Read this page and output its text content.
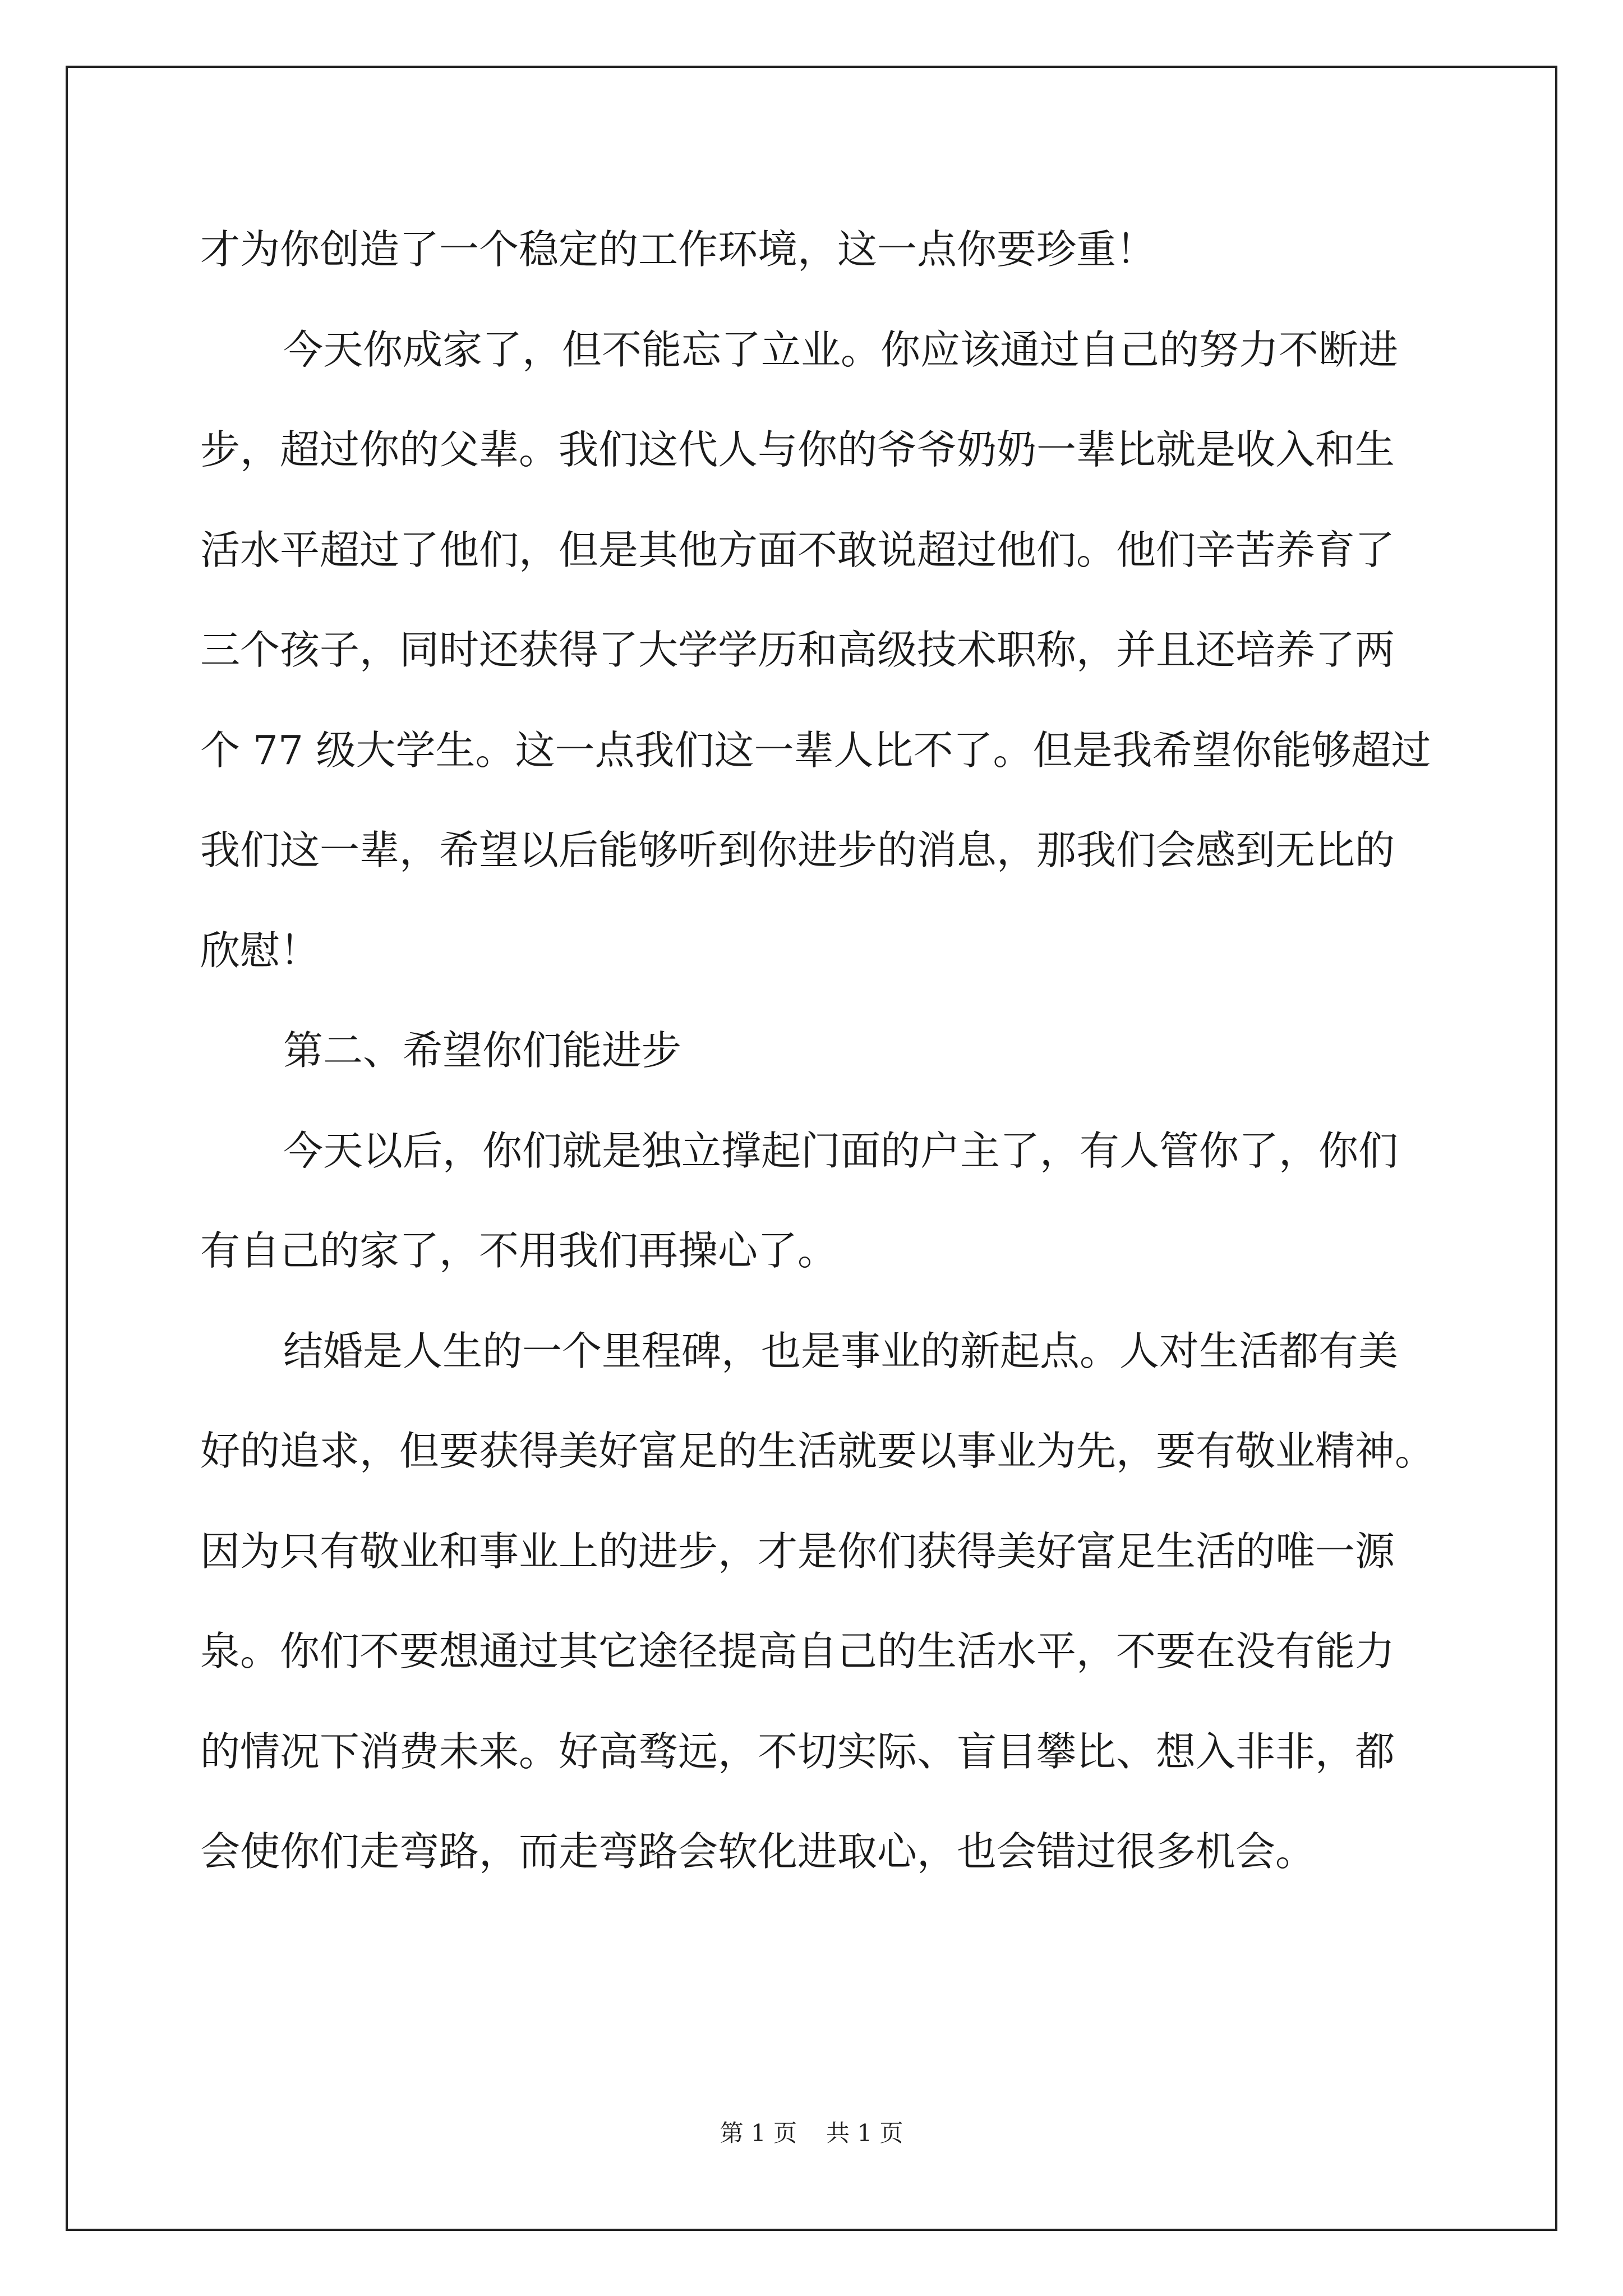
才为你创造了一个稳定的工作环境，这一点你要珍重！
今天你成家了，但不能忘了立业。你应该通过自己的努力不断进
步，超过你的父辈。我们这代人与你的爷爷奶奶一辈比就是收入和生
活水平超过了他们，但是其他方面不敢说超过他们。他们辛苦养育了
三个孩子，同时还获得了大学学历和高级技术职称，并且还培养了两
个 77 级大学生。这一点我们这一辈人比不了。但是我希望你能够超过
我们这一辈，希望以后能够听到你进步的消息，那我们会感到无比的
欣慰！
第二、希望你们能进步
今天以后，你们就是独立撑起门面的户主了，有人管你了，你们
有自己的家了，不用我们再操心了。
结婚是人生的一个里程碑，也是事业的新起点。人对生活都有美
好的追求，但要获得美好富足的生活就要以事业为先，要有敬业精神。
因为只有敬业和事业上的进步，才是你们获得美好富足生活的唯一源
泉。你们不要想通过其它途径提高自己的生活水平，不要在没有能力
的情况下消费未来。好高骛远，不切实际、盲目攀比、想入非非，都
会使你们走弯路，而走弯路会软化进取心，也会错过很多机会。
第 1 页 共 1 页
